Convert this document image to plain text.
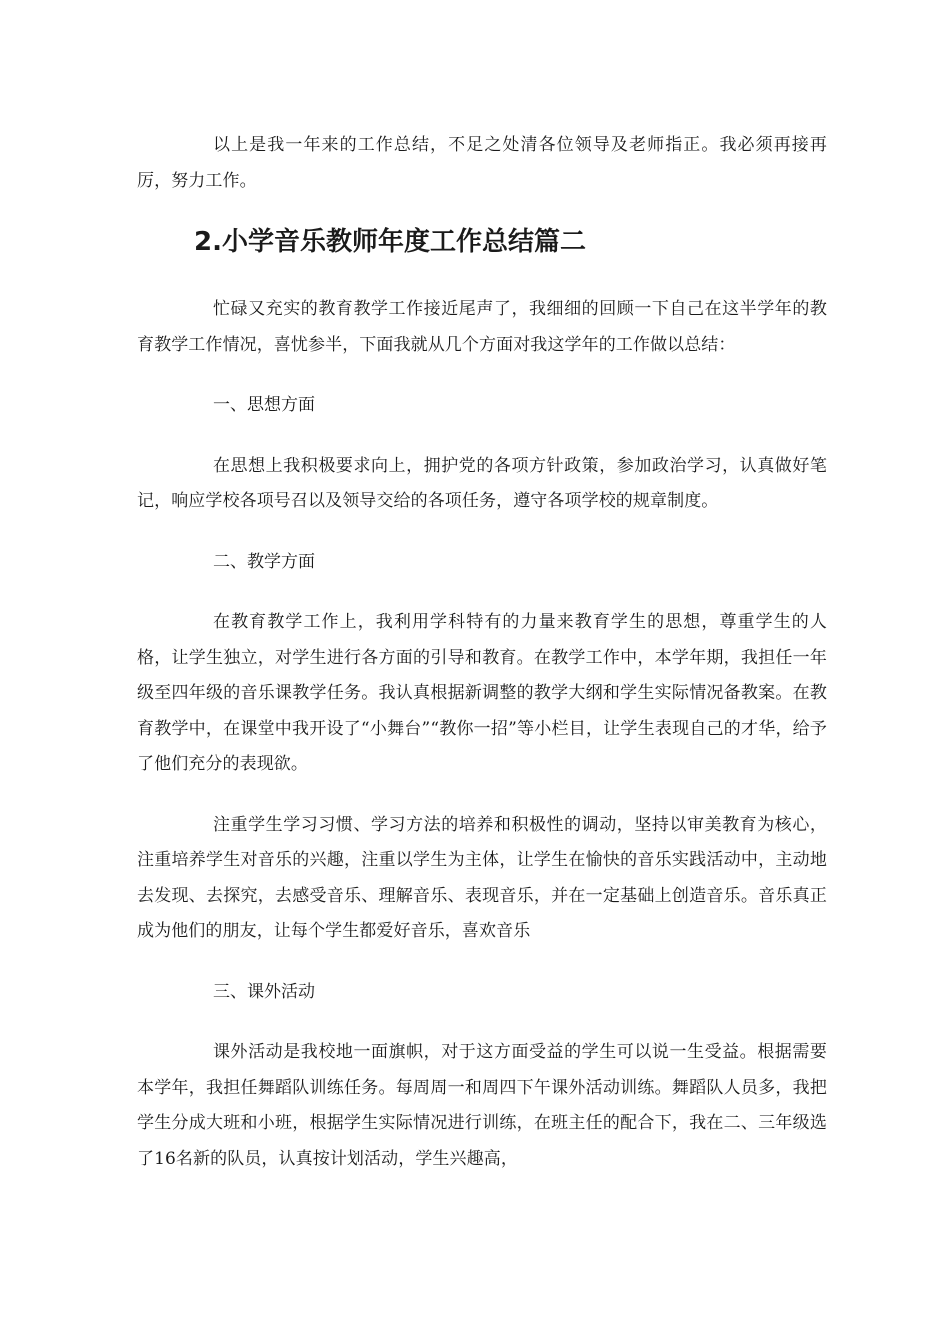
以上是我一年来的工作总结，不足之处清各位领导及老师指正。我必须再接再厉，努力工作。

2.小学音乐教师年度工作总结篇二

忙碌又充实的教育教学工作接近尾声了，我细细的回顾一下自己在这半学年的教育教学工作情况，喜忧参半，下面我就从几个方面对我这学年的工作做以总结：

一、思想方面

在思想上我积极要求向上，拥护党的各项方针政策，参加政治学习，认真做好笔记，响应学校各项号召以及领导交给的各项任务，遵守各项学校的规章制度。

二、教学方面

在教育教学工作上，我利用学科特有的力量来教育学生的思想，尊重学生的人格，让学生独立，对学生进行各方面的引导和教育。在教学工作中，本学年期，我担任一年级至四年级的音乐课教学任务。我认真根据新调整的教学大纲和学生实际情况备教案。在教育教学中，在课堂中我开设了“小舞台”“教你一招”等小栏目，让学生表现自己的才华，给予了他们充分的表现欲。

注重学生学习习惯、学习方法的培养和积极性的调动，坚持以审美教育为核心，注重培养学生对音乐的兴趣，注重以学生为主体，让学生在愉快的音乐实践活动中，主动地去发现、去探究，去感受音乐、理解音乐、表现音乐，并在一定基础上创造音乐。音乐真正成为他们的朋友，让每个学生都爱好音乐，喜欢音乐

三、课外活动

课外活动是我校地一面旗帜，对于这方面受益的学生可以说一生受益。根据需要本学年，我担任舞蹈队训练任务。每周周一和周四下午课外活动训练。舞蹈队人员多，我把学生分成大班和小班，根据学生实际情况进行训练，在班主任的配合下，我在二、三年级选了16名新的队员，认真按计划活动，学生兴趣高，
